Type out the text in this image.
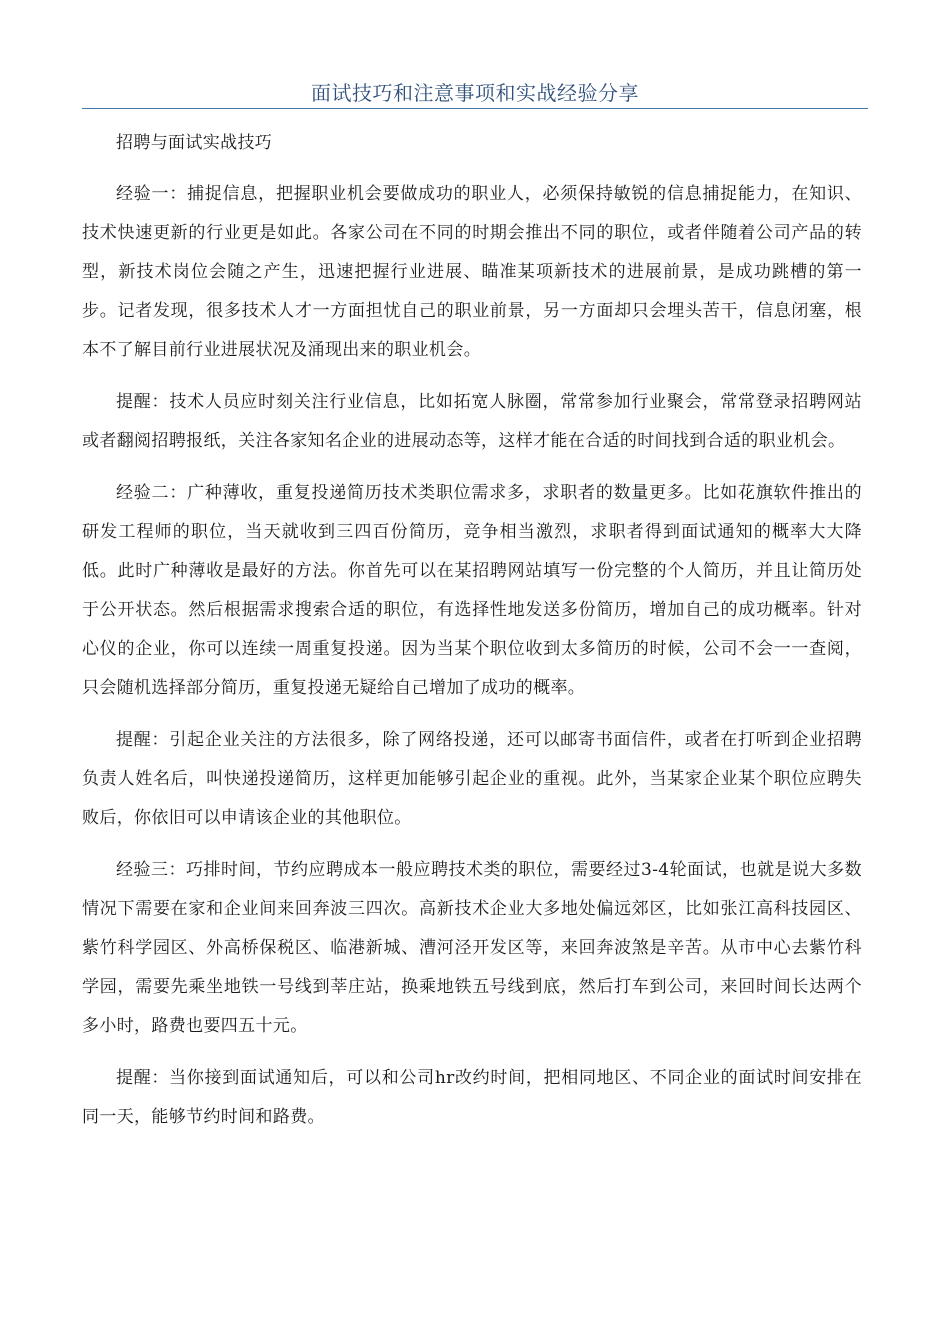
面试技巧和注意事项和实战经验分享

招聘与面试实战技巧

经验一：捕捉信息，把握职业机会要做成功的职业人，必须保持敏锐的信息捕捉能力，在知识、技术快速更新的行业更是如此。各家公司在不同的时期会推出不同的职位，或者伴随着公司产品的转型，新技术岗位会随之产生，迅速把握行业进展、瞄准某项新技术的进展前景，是成功跳槽的第一步。记者发现，很多技术人才一方面担忧自己的职业前景，另一方面却只会埋头苦干，信息闭塞，根本不了解目前行业进展状况及涌现出来的职业机会。

提醒：技术人员应时刻关注行业信息，比如拓宽人脉圈，常常参加行业聚会，常常登录招聘网站或者翻阅招聘报纸，关注各家知名企业的进展动态等，这样才能在合适的时间找到合适的职业机会。

经验二：广种薄收，重复投递简历技术类职位需求多，求职者的数量更多。比如花旗软件推出的研发工程师的职位，当天就收到三四百份简历，竞争相当激烈，求职者得到面试通知的概率大大降低。此时广种薄收是最好的方法。你首先可以在某招聘网站填写一份完整的个人简历，并且让简历处于公开状态。然后根据需求搜索合适的职位，有选择性地发送多份简历，增加自己的成功概率。针对心仪的企业，你可以连续一周重复投递。因为当某个职位收到太多简历的时候，公司不会一一查阅，只会随机选择部分简历，重复投递无疑给自己增加了成功的概率。

提醒：引起企业关注的方法很多，除了网络投递，还可以邮寄书面信件，或者在打听到企业招聘负责人姓名后，叫快递投递简历，这样更加能够引起企业的重视。此外，当某家企业某个职位应聘失败后，你依旧可以申请该企业的其他职位。

经验三：巧排时间，节约应聘成本一般应聘技术类的职位，需要经过3-4轮面试，也就是说大多数情况下需要在家和企业间来回奔波三四次。高新技术企业大多地处偏远郊区，比如张江高科技园区、紫竹科学园区、外高桥保税区、临港新城、漕河泾开发区等，来回奔波煞是辛苦。从市中心去紫竹科学园，需要先乘坐地铁一号线到莘庄站，换乘地铁五号线到底，然后打车到公司，来回时间长达两个多小时，路费也要四五十元。

提醒：当你接到面试通知后，可以和公司hr改约时间，把相同地区、不同企业的面试时间安排在同一天，能够节约时间和路费。
